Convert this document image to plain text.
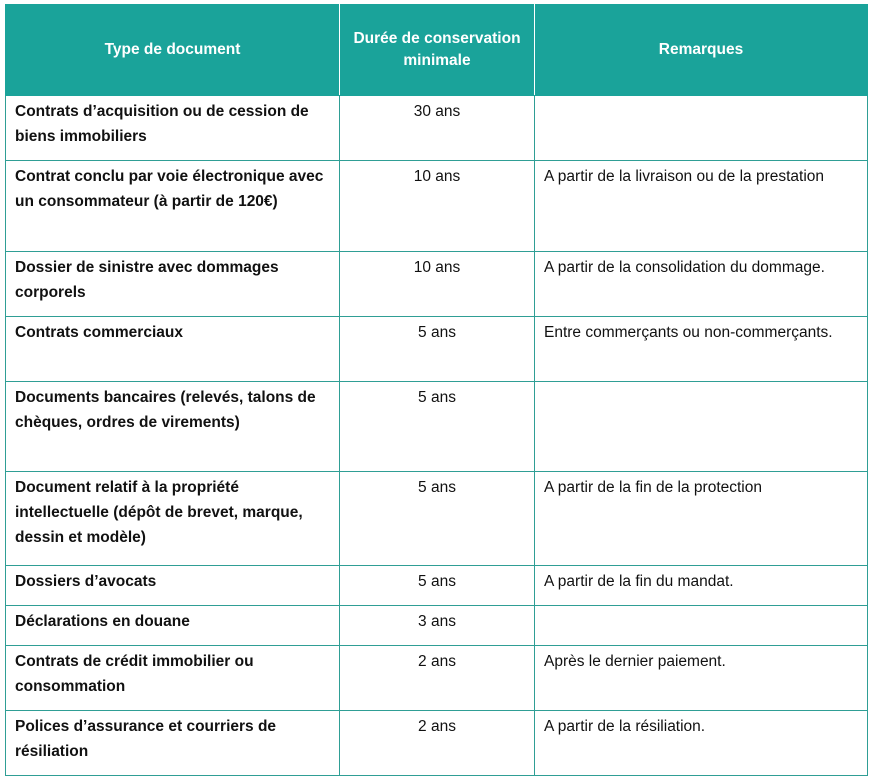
Type de document	Durée de conservation minimale	Remarques
Contrats d’acquisition ou de cession de biens immobiliers	30 ans	
Contrat conclu par voie électronique avec un consommateur (à partir de 120€)	10 ans	A partir de la livraison ou de la prestation
Dossier de sinistre avec dommages corporels	10 ans	A partir de la consolidation du dommage.
Contrats commerciaux	5 ans	Entre commerçants ou non-commerçants.
Documents bancaires (relevés, talons de chèques, ordres de virements)	5 ans	
Document relatif à la propriété intellectuelle (dépôt de brevet, marque, dessin et modèle)	5 ans	A partir de la fin de la protection
Dossiers d’avocats	5 ans	A partir de la fin du mandat.
Déclarations en douane	3 ans	
Contrats de crédit immobilier ou consommation	2 ans	Après le dernier paiement.
Polices d’assurance et courriers de résiliation	2 ans	A partir de la résiliation.
